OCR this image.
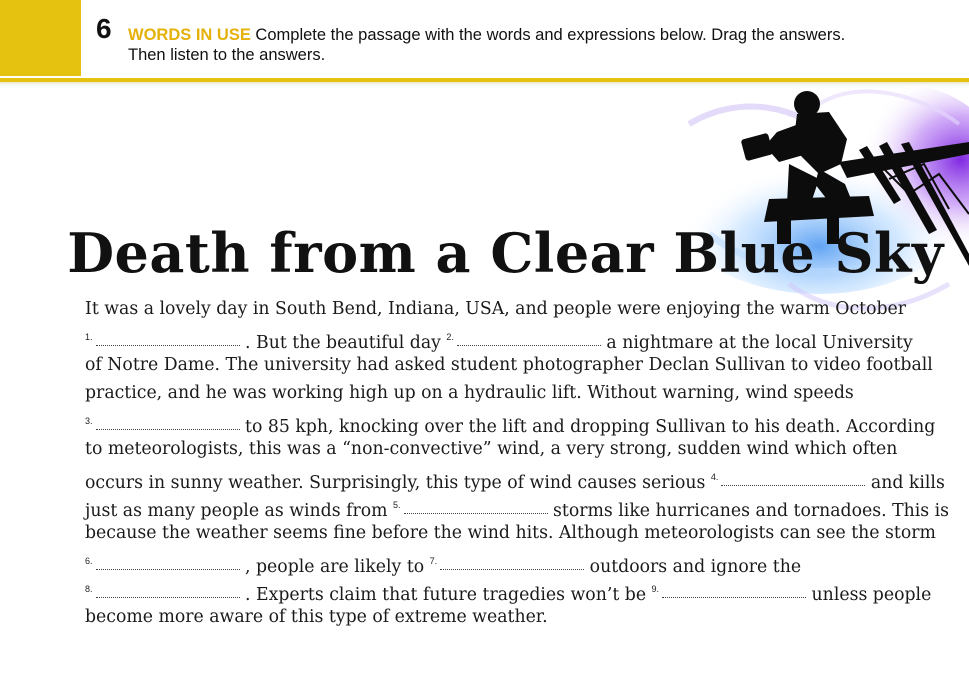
6 WORDS IN USE Complete the passage with the words and expressions below. Drag the answers.
Then listen to the answers.
Death from a Clear Blue Sky
It was a lovely day in South Bend, Indiana, USA, and people were enjoying the warm October
$^{1.}$	. But the beautiful day $^{2.}$	a nightmare at the local University
of Notre Dame. The university had asked student photographer Declan Sullivan to video football
practice, and he was working high up on a hydraulic lift. Without warning, wind speeds
$^{3.}$	to 85 kph, knocking over the lift and dropping Sullivan to his death. According
to meteorologists, this was a “non-convective” wind, a very strong, sudden wind which often
occurs in sunny weather. Surprisingly, this type of wind causes serious $^{4.}$	and kills
just as many people as winds from $^{5.}$	storms like hurricanes and tornadoes. This is
because the weather seems fine before the wind hits. Although meteorologists can see the storm
$^{6.}$	, people are likely to $^{7.}$	outdoors and ignore the
$^{8.}$	. Experts claim that future tragedies won’t be $^{9.}$	unless people
become more aware of this type of extreme weather.
